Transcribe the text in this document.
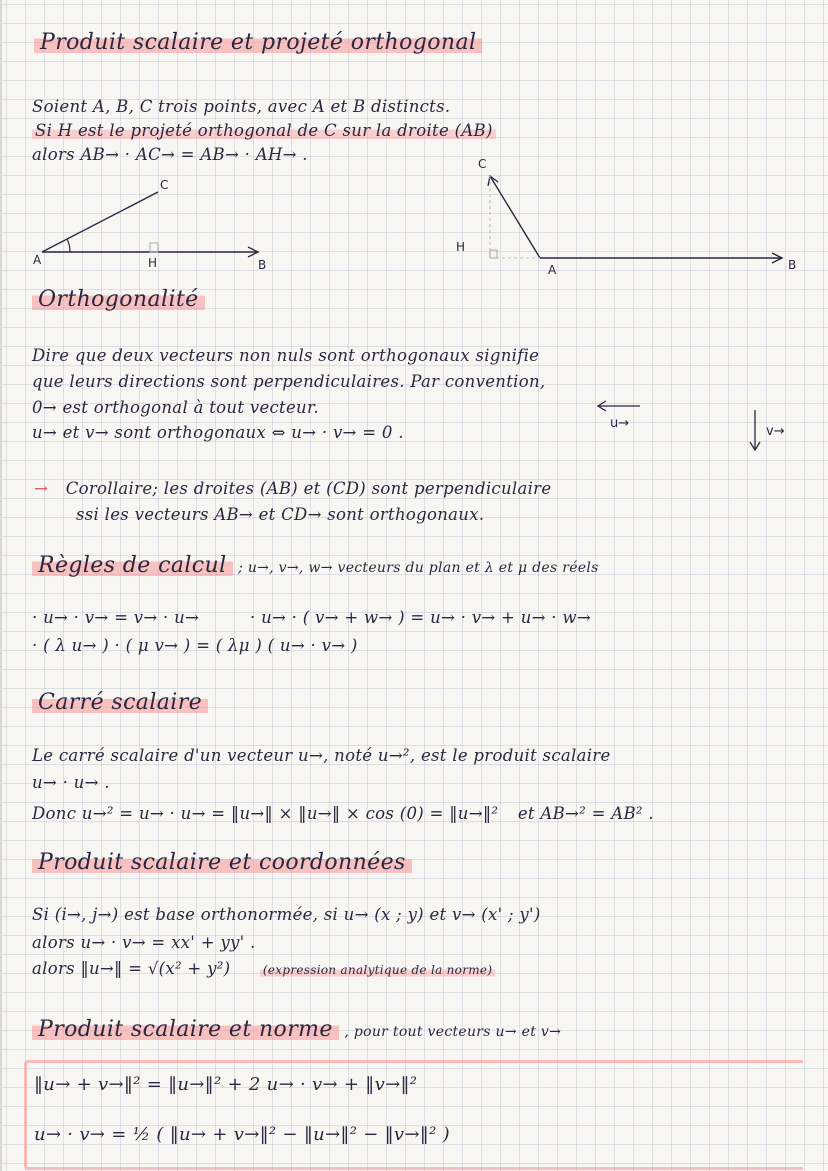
Produit scalaire et projeté orthogonal
Soient A, B, C trois points, avec A et B distincts.
Si H est le projeté orthogonal de C sur la droite (AB)
alors AB→ · AC→ = AB→ · AH→ .
A	H	B
C
C
H
A	B
Orthogonalité
Dire que deux vecteurs non nuls sont orthogonaux signifie
que leurs directions sont perpendiculaires. Par convention,
0→ est orthogonal à tout vecteur.
u→ et v→ sont orthogonaux ⇔ u→ · v→ = 0 .	u→
v→
→ Corollaire; les droites (AB) et (CD) sont perpendiculaire
ssi les vecteurs AB→ et CD→ sont orthogonaux.
Règles de calcul ; u→, v→, w→ vecteurs du plan et λ et μ des réels
· u→ · v→ = v→ · u→	· u→ · ( v→ + w→ ) = u→ · v→ + u→ · w→
· ( λ u→ ) · ( μ v→ ) = ( λμ ) ( u→ · v→ )
Carré scalaire
Le carré scalaire d'un vecteur u→, noté u→², est le produit scalaire
u→ · u→ .
Donc u→² = u→ · u→ = ‖u→‖ × ‖u→‖ × cos (0) = ‖u→‖² et AB→² = AB² .
Produit scalaire et coordonnées
Si (i→, j→) est base orthonormée, si u→ (x ; y) et v→ (x' ; y')
alors u→ · v→ = xx' + yy' .
alors ‖u→‖ = √(x² + y²)	(expression analytique de la norme)
Produit scalaire et norme , pour tout vecteurs u→ et v→
‖u→ + v→‖² = ‖u→‖² + 2 u→ · v→ + ‖v→‖²
u→ · v→ = ½ ( ‖u→ + v→‖² − ‖u→‖² − ‖v→‖² )
